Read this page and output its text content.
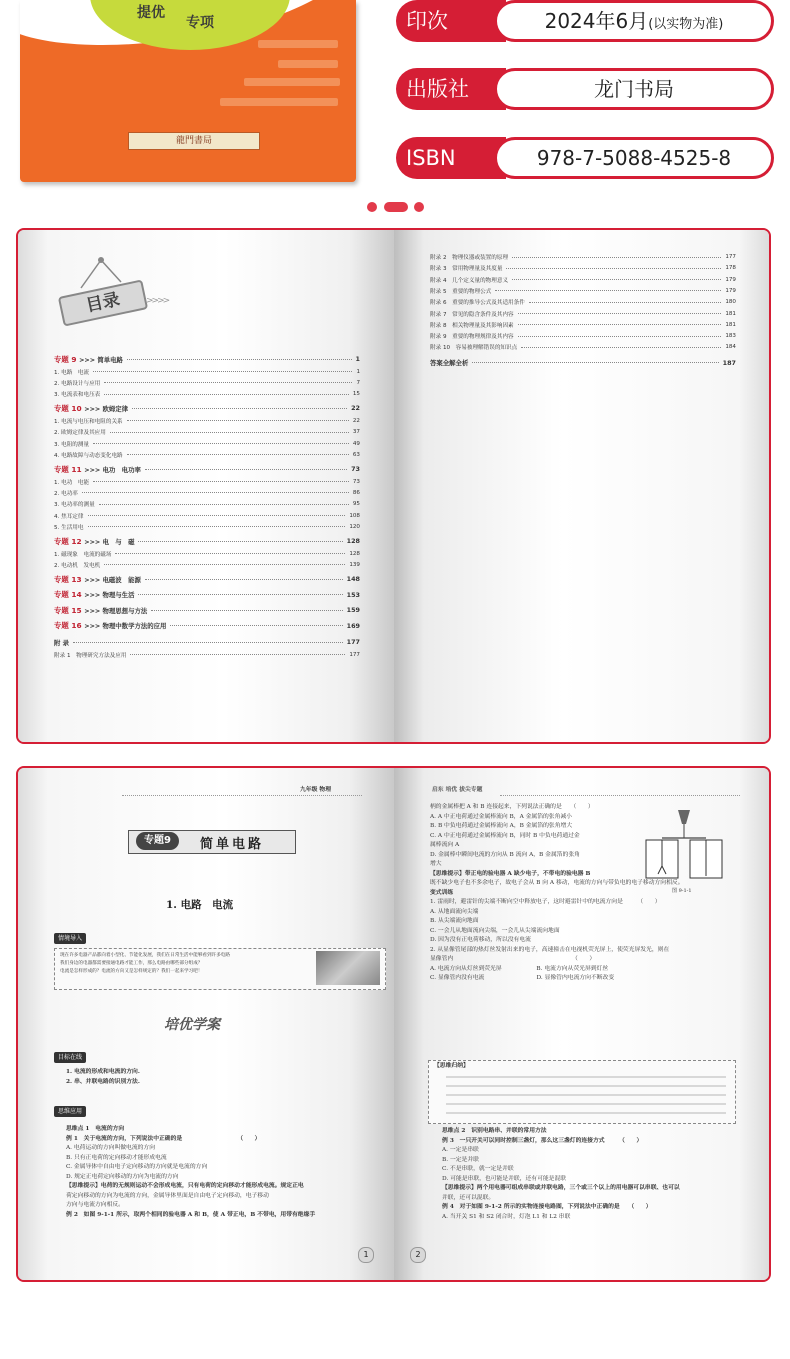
提优
专项
龍門書局
印次	2024年6月(以实物为准)
出版社	龙门书局
ISBN	978-7-5088-4525-8
目录	>>>>
专题 9 >>> 简单电路	1
1. 电路　电流	1
2. 电路设计与应用	7
3. 电流表和电压表	15
专题 10 >>> 欧姆定律	22
1. 电流与电压和电阻的关系	22
2. 欧姆定律及其应用	37
3. 电阻的测量	49
4. 电路故障与动态变化电路	63
专题 11 >>> 电功　电功率	73
1. 电功　电能	73
2. 电功率	86
3. 电功率的测量	95
4. 焦耳定律	108
5. 生活用电	120
专题 12 >>> 电　与　磁	128
1. 磁现象　电流的磁场	128
2. 电动机　发电机	139
专题 13 >>> 电磁波　能源	148
专题 14 >>> 物理与生活	153
专题 15 >>> 物理思想与方法	159
专题 16 >>> 物理中数学方法的应用	169
附 录	177
附录 1　物理研究方法及应用	177
附录 2　物理仪器或装置的原理	177
附录 3　常用物理量及其度量	178
附录 4　几个定义量的物理意义	179
附录 5　重要的物理公式	179
附录 6　重要的推导公式及其适用条件	180
附录 7　常见的隐含条件及其内容	181
附录 8　相关物理量及其影响因素	181
附录 9　重要的物理规律及其内容	183
附录 10　容易被理解错误的知识点	184
答案全解全析	187
九年级 物理	启东 培优 拔尖专题
专题9	简单电路
1. 电路　电流
情境导入
现在许多电器产品都向着小型化、节能化发展，我们在日常生活中能够看到许多电路
我们身边的电器都需要接通电路才能工作，那么电路由哪些部分组成？
电流是怎样形成的？电流的方向又是怎样规定的？我们一起来学习吧！
培优学案
目标在线
1. 电流的形成和电流的方向.
2. 串、并联电路的识别方法.
思维应用
思维点 1　电流的方向
例 1　关于电流的方向，下列说法中正确的是　　　　　　　　　　（　　）
A. 电荷运动的方向叫做电流的方向
B. 只有正电荷的定向移动才能形成电流
C. 金属导体中自由电子定向移动的方向就是电流的方向
D. 规定正电荷定向移动的方向为电流的方向
【思维提示】电荷的无规则运动不会形成电流，只有电荷的定向移动才能形成电流。规定正电
荷定向移动的方向为电流的方向，金属导体里面是自由电子定向移动，电子移动
方向与电流方向相反。
例 2　如图 9-1-1 所示，取两个相同的验电器 A 和 B，使 A 带正电，B 不带电，用带有绝缘手
柄的金属棒把 A 和 B 连接起来，下列说法正确的是　　（　　）
A. A 中正电荷通过金属棒流向 B，A 金属箔的张角减小
B. B 中负电荷通过金属棒流向 A，B 金属箔的张角增大
C. A 中正电荷通过金属棒流向 B，同时 B 中负电荷通过金
属棒流向 A
D. 金属棒中瞬间电流的方向从 B 流向 A，B 金属箔的张角
增大
【思维提示】带正电的验电器 A 缺少电子，不带电的验电器 B
既不缺少电子也不多余电子，故电子会从 B 向 A 移动，电流的方向与带负电的电子移动方向相反。
变式训练
1. 雷雨时，避雷针的尖端不断向空中释放电子，这时避雷针中的电流方向是　　　（　　）
A. 从地面流向尖端
B. 从尖端流向地面
C. 一会儿从地面流向尖端，一会儿从尖端流向地面
D. 因为没有正电荷移动，所以没有电流
2. 从显像管尾部的热灯丝发射出来的电子，高速撞击在电视机荧光屏上，使荧光屏发光，则在
显像管内　　　　　　　　　　　　　　　　　　　　　（　　）
A. 电流方向从灯丝到荧光屏　　　　　　B. 电流方向从荧光屏到灯丝
C. 显像管内没有电流　　　　　　　　　D. 显像管内电流方向不断改变
图 9-1-1
【思维归纳】
思维点 2　识别电路串、并联的常用方法
例 3　一只开关可以同时控制三盏灯，那么这三盏灯的连接方式　　　（　　）
A. 一定是串联
B. 一定是并联
C. 不是串联，就一定是并联
D. 可能是串联，也可能是并联，还有可能是混联
【思维提示】两个用电器可组成串联或并联电路，三个或三个以上的用电器可以串联、也可以
并联，还可以混联。
例 4　对于如图 9-1-2 所示的实物连接电路图，下列说法中正确的是　　（　　）
A. 当开关 S1 和 S2 闭合时，灯泡 L1 和 L2 串联
1	2
